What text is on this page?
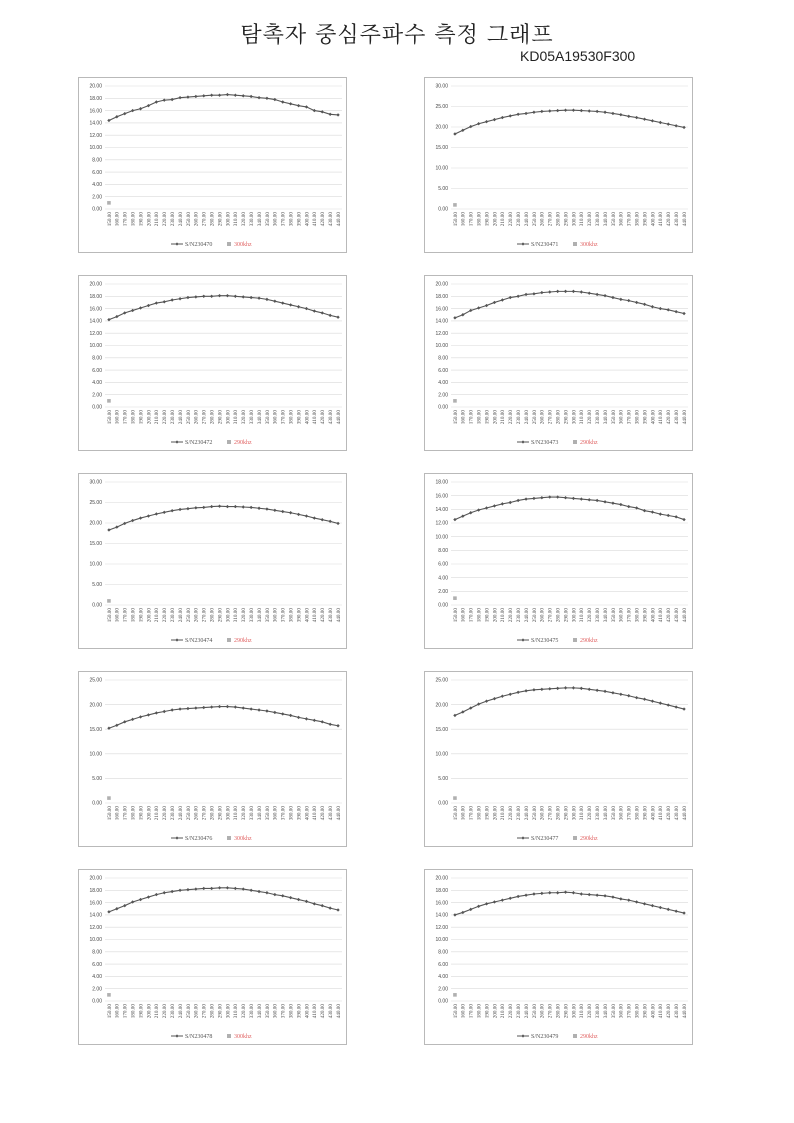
탐촉자 중심주파수 측정 그래프
KD05A19530F300
0.00
2.00
4.00
6.00
8.00
10.00
12.00
14.00
16.00
18.00
20.00
150.00 160.00 170.00 180.00 190.00 200.00 210.00 220.00 230.00 240.00 250.00 260.00 270.00 280.00 290.00 300.00 310.00 320.00 330.00 340.00 350.00 360.00 370.00 380.00 390.00 400.00 410.00 420.00 430.00 440.00
S/N230470	300khz
0.00
5.00
10.00
15.00
20.00
25.00
30.00
150.00 160.00 170.00 180.00 190.00 200.00 210.00 220.00 230.00 240.00 250.00 260.00 270.00 280.00 290.00 300.00 310.00 320.00 330.00 340.00 350.00 360.00 370.00 380.00 390.00 400.00 410.00 420.00 430.00 440.00
S/N230471	300khz
0.00
2.00
4.00
6.00
8.00
10.00
12.00
14.00
16.00
18.00
20.00
150.00 160.00 170.00 180.00 190.00 200.00 210.00 220.00 230.00 240.00 250.00 260.00 270.00 280.00 290.00 300.00 310.00 320.00 330.00 340.00 350.00 360.00 370.00 380.00 390.00 400.00 410.00 420.00 430.00 440.00
S/N230472	290khz
0.00
2.00
4.00
6.00
8.00
10.00
12.00
14.00
16.00
18.00
20.00
150.00 160.00 170.00 180.00 190.00 200.00 210.00 220.00 230.00 240.00 250.00 260.00 270.00 280.00 290.00 300.00 310.00 320.00 330.00 340.00 350.00 360.00 370.00 380.00 390.00 400.00 410.00 420.00 430.00 440.00
S/N230473	290khz
0.00
5.00
10.00
15.00
20.00
25.00
30.00
150.00 160.00 170.00 180.00 190.00 200.00 210.00 220.00 230.00 240.00 250.00 260.00 270.00 280.00 290.00 300.00 310.00 320.00 330.00 340.00 350.00 360.00 370.00 380.00 390.00 400.00 410.00 420.00 430.00 440.00
S/N230474	290khz
0.00
2.00
4.00
6.00
8.00
10.00
12.00
14.00
16.00
18.00
150.00 160.00 170.00 180.00 190.00 200.00 210.00 220.00 230.00 240.00 250.00 260.00 270.00 280.00 290.00 300.00 310.00 320.00 330.00 340.00 350.00 360.00 370.00 380.00 390.00 400.00 410.00 420.00 430.00 440.00
S/N230475	290khz
0.00
5.00
10.00
15.00
20.00
25.00
150.00 160.00 170.00 180.00 190.00 200.00 210.00 220.00 230.00 240.00 250.00 260.00 270.00 280.00 290.00 300.00 310.00 320.00 330.00 340.00 350.00 360.00 370.00 380.00 390.00 400.00 410.00 420.00 430.00 440.00
S/N230476	300khz
0.00
5.00
10.00
15.00
20.00
25.00
150.00 160.00 170.00 180.00 190.00 200.00 210.00 220.00 230.00 240.00 250.00 260.00 270.00 280.00 290.00 300.00 310.00 320.00 330.00 340.00 350.00 360.00 370.00 380.00 390.00 400.00 410.00 420.00 430.00 440.00
S/N230477	290khz
0.00
2.00
4.00
6.00
8.00
10.00
12.00
14.00
16.00
18.00
20.00
150.00 160.00 170.00 180.00 190.00 200.00 210.00 220.00 230.00 240.00 250.00 260.00 270.00 280.00 290.00 300.00 310.00 320.00 330.00 340.00 350.00 360.00 370.00 380.00 390.00 400.00 410.00 420.00 430.00 440.00
S/N230478	300khz
0.00
2.00
4.00
6.00
8.00
10.00
12.00
14.00
16.00
18.00
20.00
150.00 160.00 170.00 180.00 190.00 200.00 210.00 220.00 230.00 240.00 250.00 260.00 270.00 280.00 290.00 300.00 310.00 320.00 330.00 340.00 350.00 360.00 370.00 380.00 390.00 400.00 410.00 420.00 430.00 440.00
S/N230479	290khz
